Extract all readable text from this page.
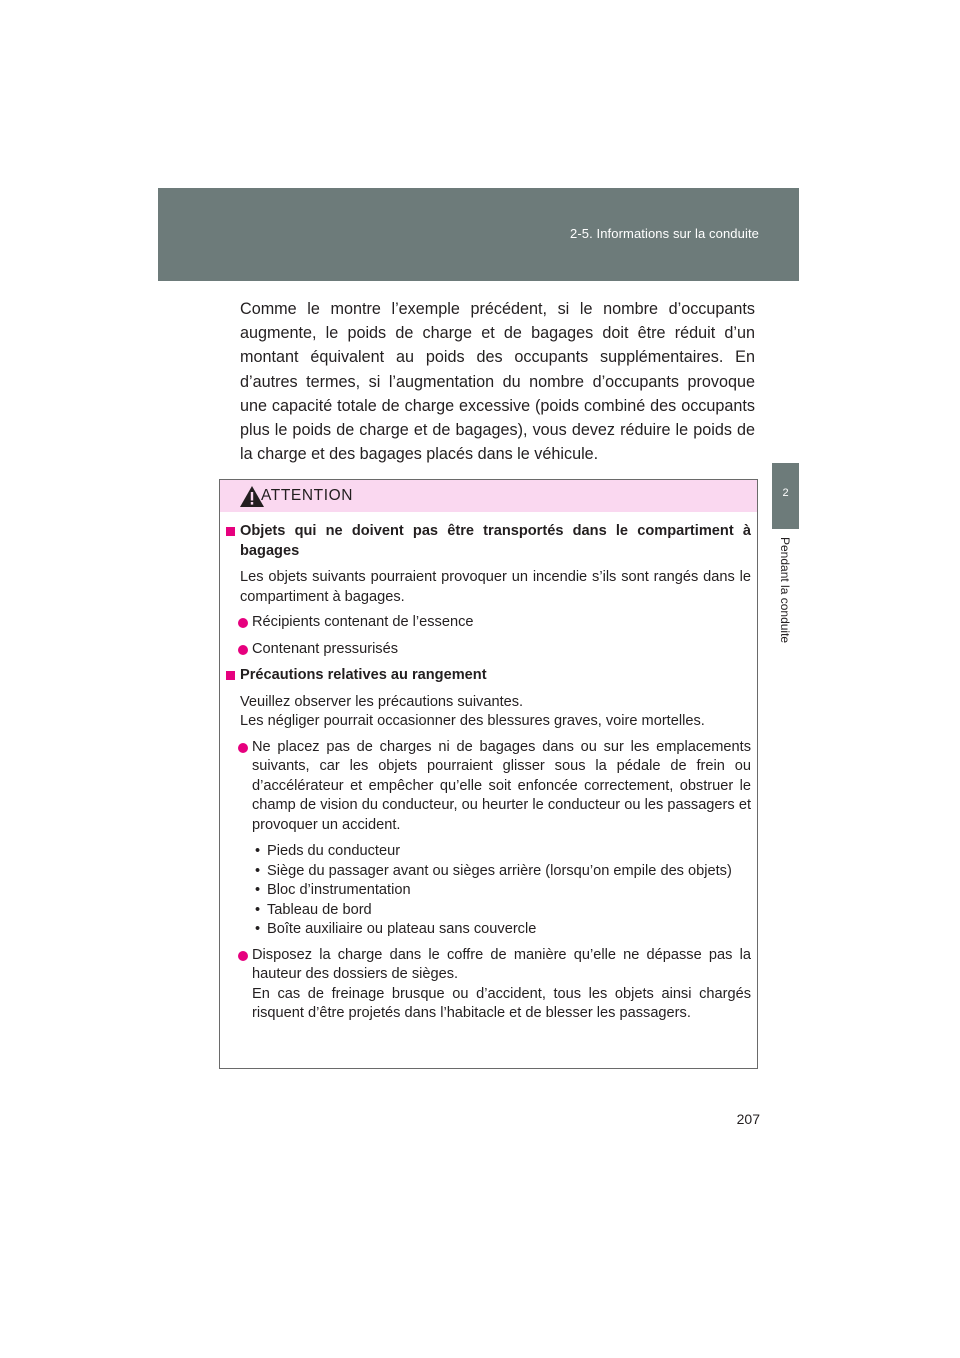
2-5. Informations sur la conduite
2
Pendant la conduite

Comme le montre l’exemple précédent, si le nombre d’occupants augmente, le poids de charge et de bagages doit être réduit d’un montant équivalent au poids des occupants supplémentaires. En d’autres termes, si l’augmentation du nombre d’occupants provoque une capacité totale de charge excessive (poids combiné des occupants plus le poids de charge et de bagages), vous devez réduire le poids de la charge et des bagages placés dans le véhicule.

ATTENTION
Objets qui ne doivent pas être transportés dans le compartiment à bagages
Les objets suivants pourraient provoquer un incendie s’ils sont rangés dans le compartiment à bagages.
Récipients contenant de l’essence
Contenant pressurisés
Précautions relatives au rangement
Veuillez observer les précautions suivantes.
Les négliger pourrait occasionner des blessures graves, voire mortelles.
Ne placez pas de charges ni de bagages dans ou sur les emplacements suivants, car les objets pourraient glisser sous la pédale de frein ou d’accélérateur et empêcher qu’elle soit enfoncée correctement, obstruer le champ de vision du conducteur, ou heurter le conducteur ou les passagers et provoquer un accident.
• Pieds du conducteur
• Siège du passager avant ou sièges arrière (lorsqu’on empile des objets)
• Bloc d’instrumentation
• Tableau de bord
• Boîte auxiliaire ou plateau sans couvercle
Disposez la charge dans le coffre de manière qu’elle ne dépasse pas la hauteur des dossiers de sièges.
En cas de freinage brusque ou d’accident, tous les objets ainsi chargés risquent d’être projetés dans l’habitacle et de blesser les passagers.
207
